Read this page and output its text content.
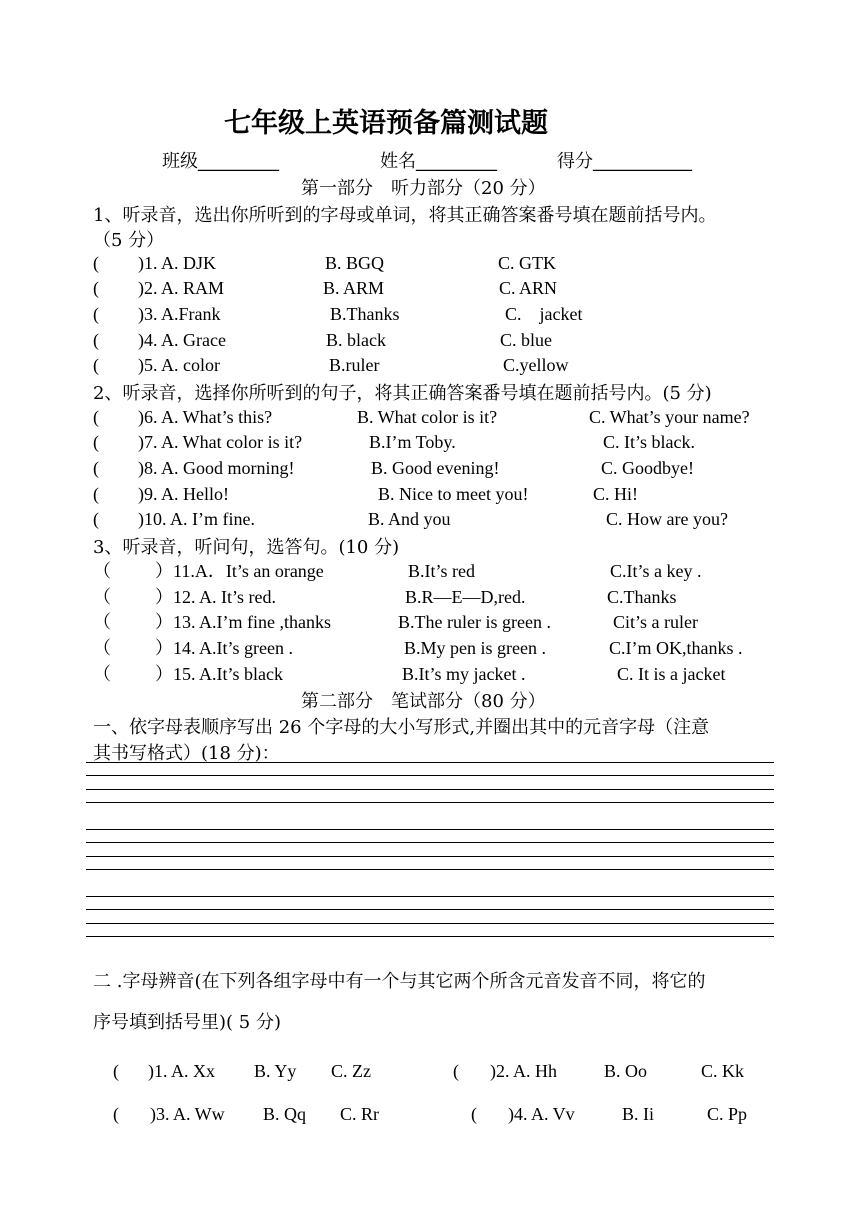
七年级上英语预备篇测试题
班级_________	姓名_________	得分___________
第一部分　听力部分（20 分）
1、听录音，选出你所听到的字母或单词，将其正确答案番号填在题前括号内。
（5 分）
( )1. A. DJK	B. BGQ	C. GTK
( )2. A. RAM	B. ARM	C. ARN
( )3. A.Frank	B.Thanks	C.　jacket
( )4. A. Grace	B. black	C. blue
( )5. A. color	B.ruler	C.yellow
2、听录音，选择你所听到的句子，将其正确答案番号填在题前括号内。(5 分)
( )6. A. What’s this?	B. What color is it?	C. What’s your name?
( )7. A. What color is it?	B.I’m Toby.	C. It’s black.
( )8. A. Good morning!	B. Good evening!	C. Goodbye!
( )9. A. Hello!	B. Nice to meet you!	C. Hi!
( )10. A. I’m fine.	B. And you	C. How are you?
3、听录音，听问句，选答句。(10 分)
（ ）11.A．It’s an orange	B.It’s red	C.It’s a key .
（ ）12. A. It’s red.	B.R—E—D,red.	C.Thanks
（ ）13. A.I’m fine ,thanks	B.The ruler is green .	Cit’s a ruler
（ ）14. A.It’s green .	B.My pen is green .	C.I’m OK,thanks .
（ ）15. A.It’s black	B.It’s my jacket .	C. It is a jacket
第二部分　笔试部分（80 分）
一、依字母表顺序写出 26 个字母的大小写形式,并圈出其中的元音字母（注意
其书写格式）(18 分)：
二 .字母辨音(在下列各组字母中有一个与其它两个所含元音发音不同，将它的
序号填到括号里)( 5 分)
( )1. A. Xx B. Yy C. Zz	( )2. A. Hh	B. Oo	C. Kk
( )3. A. Ww B. Qq C. Rr	( )4. A. Vv	B. Ii	C. Pp
